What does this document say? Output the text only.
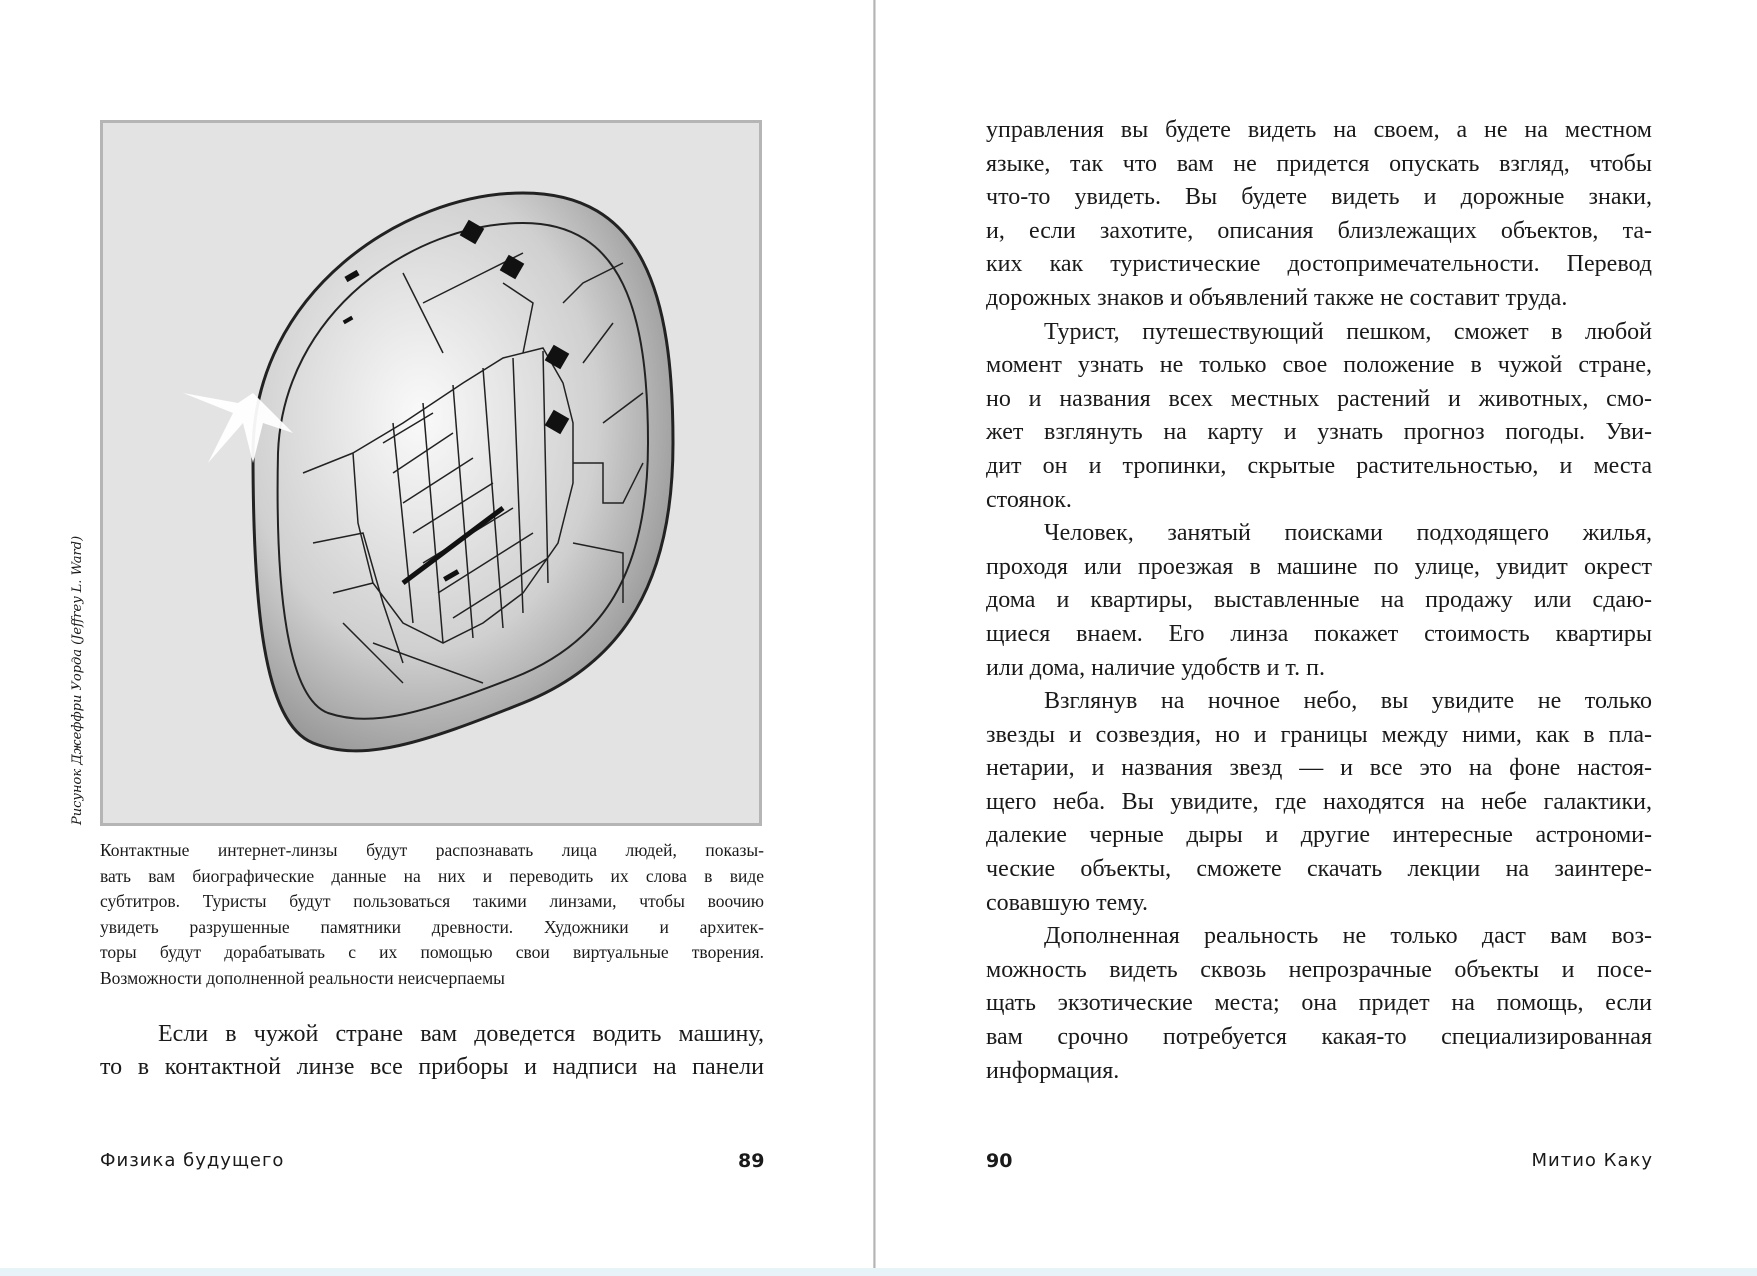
Рисунок Джеффри Уорда (Jeffrey L. Ward)
Контактные интернет-линзы будут распознавать лица людей, показы-
вать вам биографические данные на них и переводить их слова в виде
субтитров. Туристы будут пользоваться такими линзами, чтобы воочию
увидеть разрушенные памятники древности. Художники и архитек-
торы будут дорабатывать с их помощью свои виртуальные творения.
Возможности дополненной реальности неисчерпаемы
Если в чужой стране вам доведется водить машину,
то в контактной линзе все приборы и надписи на панели
Физика будущего	89
управления вы будете видеть на своем, а не на местном
языке, так что вам не придется опускать взгляд, чтобы
что-то увидеть. Вы будете видеть и дорожные знаки,
и, если захотите, описания близлежащих объектов, та-
ких как туристические достопримечательности. Перевод
дорожных знаков и объявлений также не составит труда.
Турист, путешествующий пешком, сможет в любой
момент узнать не только свое положение в чужой стране,
но и названия всех местных растений и животных, смо-
жет взглянуть на карту и узнать прогноз погоды. Уви-
дит он и тропинки, скрытые растительностью, и места
стоянок.
Человек, занятый поисками подходящего жилья,
проходя или проезжая в машине по улице, увидит окрест
дома и квартиры, выставленные на продажу или сдаю-
щиеся внаем. Его линза покажет стоимость квартиры
или дома, наличие удобств и т. п.
Взглянув на ночное небо, вы увидите не только
звезды и созвездия, но и границы между ними, как в пла-
нетарии, и названия звезд — и все это на фоне настоя-
щего неба. Вы увидите, где находятся на небе галактики,
далекие черные дыры и другие интересные астрономи-
ческие объекты, сможете скачать лекции на заинтере-
совавшую тему.
Дополненная реальность не только даст вам воз-
можность видеть сквозь непрозрачные объекты и посе-
щать экзотические места; она придет на помощь, если
вам срочно потребуется какая-то специализированная
информация.
90	Митио Каку
